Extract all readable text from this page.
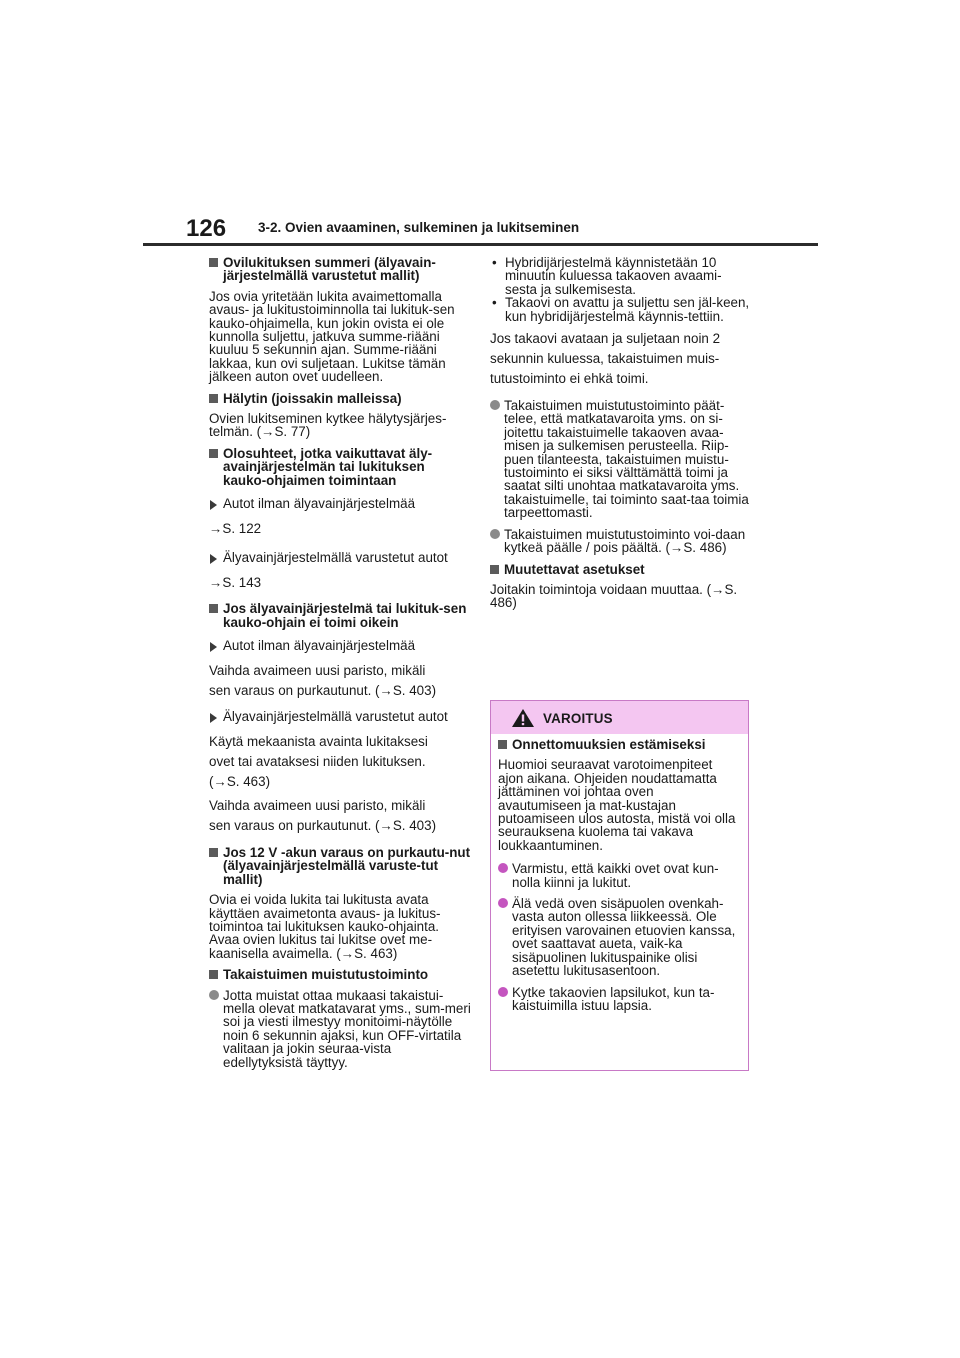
126 3-2. Ovien avaaminen, sulkeminen ja lukitseminen
Ovilukituksen summeri (älyavain-järjestelmällä varustetut mallit)
Jos ovia yritetään lukita avaimettomalla avaus- ja lukitustoiminnolla tai lukituk-sen kauko-ohjaimella, kun jokin ovista ei ole kunnolla suljettu, jatkuva summe-riääni kuuluu 5 sekunnin ajan. Summe-riääni lakkaa, kun ovi suljetaan. Lukitse tämän jälkeen auton ovet uudelleen.
Hälytin (joissakin malleissa)
Ovien lukitseminen kytkee hälytysjärjes-telmän. (→S. 77)
Olosuhteet, jotka vaikuttavat äly-avainjärjestelmän tai lukituksen kauko-ohjaimen toimintaan
Autot ilman älyavainjärjestelmää
→S. 122
Älyavainjärjestelmällä varustetut autot
→S. 143
Jos älyavainjärjestelmä tai lukituk-sen kauko-ohjain ei toimi oikein
Autot ilman älyavainjärjestelmää
Vaihda avaimeen uusi paristo, mikäli
sen varaus on purkautunut. (→S. 403)
Älyavainjärjestelmällä varustetut autot
Käytä mekaanista avainta lukitaksesi
ovet tai avataksesi niiden lukituksen.
(→S. 463)
Vaihda avaimeen uusi paristo, mikäli
sen varaus on purkautunut. (→S. 403)
Jos 12 V -akun varaus on purkautu-nut (älyavainjärjestelmällä varuste-tut mallit)
Ovia ei voida lukita tai lukitusta avata käyttäen avaimetonta avaus- ja lukitus-toimintoa tai lukituksen kauko-ohjainta. Avaa ovien lukitus tai lukitse ovet me-kaanisella avaimella. (→S. 463)
Takaistuimen muistutustoiminto
Jotta muistat ottaa mukaasi takaistui-mella olevat matkatavarat yms., sum-meri soi ja viesti ilmestyy monitoimi-näytölle noin 6 sekunnin ajaksi, kun OFF-virtatila valitaan ja jokin seuraa-vista edellytyksistä täyttyy.
• Hybridijärjestelmä käynnistetään 10 minuutin kuluessa takaoven avaami-sesta ja sulkemisesta.
• Takaovi on avattu ja suljettu sen jäl-keen, kun hybridijärjestelmä käynnis-tettiin.
Jos takaovi avataan ja suljetaan noin 2
sekunnin kuluessa, takaistuimen muis-
tutustoiminto ei ehkä toimi.
Takaistuimen muistutustoiminto päät-telee, että matkatavaroita yms. on si-joitettu takaistuimelle takaoven avaa-misen ja sulkemisen perusteella. Riip-puen tilanteesta, takaistuimen muistu-tustoiminto ei siksi välttämättä toimi ja saatat silti unohtaa matkatavaroita yms. takaistuimelle, tai toiminto saat-taa toimia tarpeettomasti.
Takaistuimen muistutustoiminto voi-daan kytkeä päälle / pois päältä. (→S. 486)
Muutettavat asetukset
Joitakin toimintoja voidaan muuttaa. (→S. 486)
VAROITUS
Onnettomuuksien estämiseksi
Huomioi seuraavat varotoimenpiteet ajon aikana. Ohjeiden noudattamatta jättäminen voi johtaa oven avautumiseen ja mat-kustajan putoamiseen ulos autosta, mistä voi olla seurauksena kuolema tai vakava loukkaantuminen.
Varmistu, että kaikki ovet ovat kun-nolla kiinni ja lukitut.
Älä vedä oven sisäpuolen ovenkah-vasta auton ollessa liikkeessä. Ole erityisen varovainen etuovien kanssa, ovet saattavat aueta, vaik-ka sisäpuolinen lukituspainike olisi asetettu lukitusasentoon.
Kytke takaovien lapsilukot, kun ta-kaistuimilla istuu lapsia.
